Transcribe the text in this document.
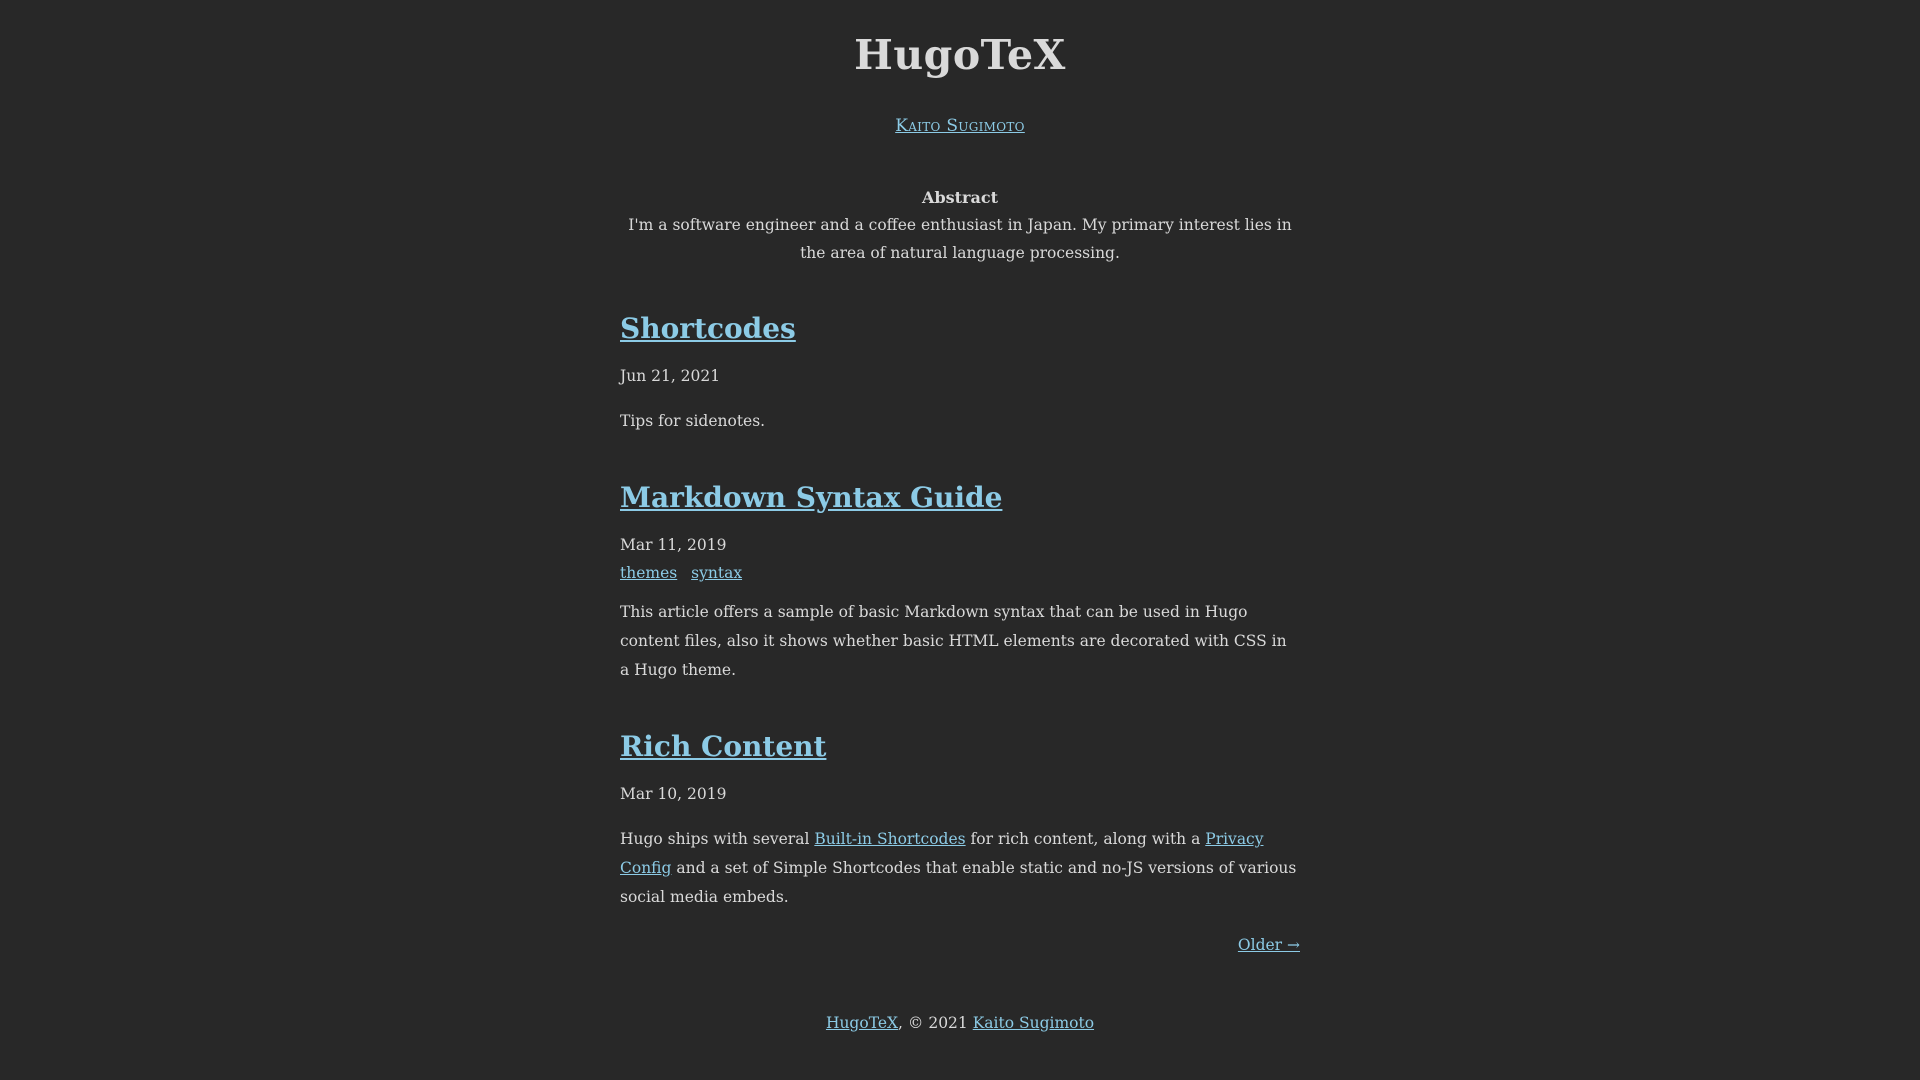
HugoTeX
Kaito Sugimoto
Abstract

I'm a software engineer and a coffee enthusiast in Japan. My primary interest lies in the area of natural language processing.

Shortcodes
Jun 21, 2021

Tips for sidenotes.

Markdown Syntax Guide
Mar 11, 2019
themes syntax

This article offers a sample of basic Markdown syntax that can be used in Hugo content files, also it shows whether basic HTML elements are decorated with CSS in a Hugo theme.

Rich Content
Mar 10, 2019

Hugo ships with several Built-in Shortcodes for rich content, along with a Privacy Config and a set of Simple Shortcodes that enable static and no-JS versions of various social media embeds.

Older →
HugoTeX, © 2021 Kaito Sugimoto
